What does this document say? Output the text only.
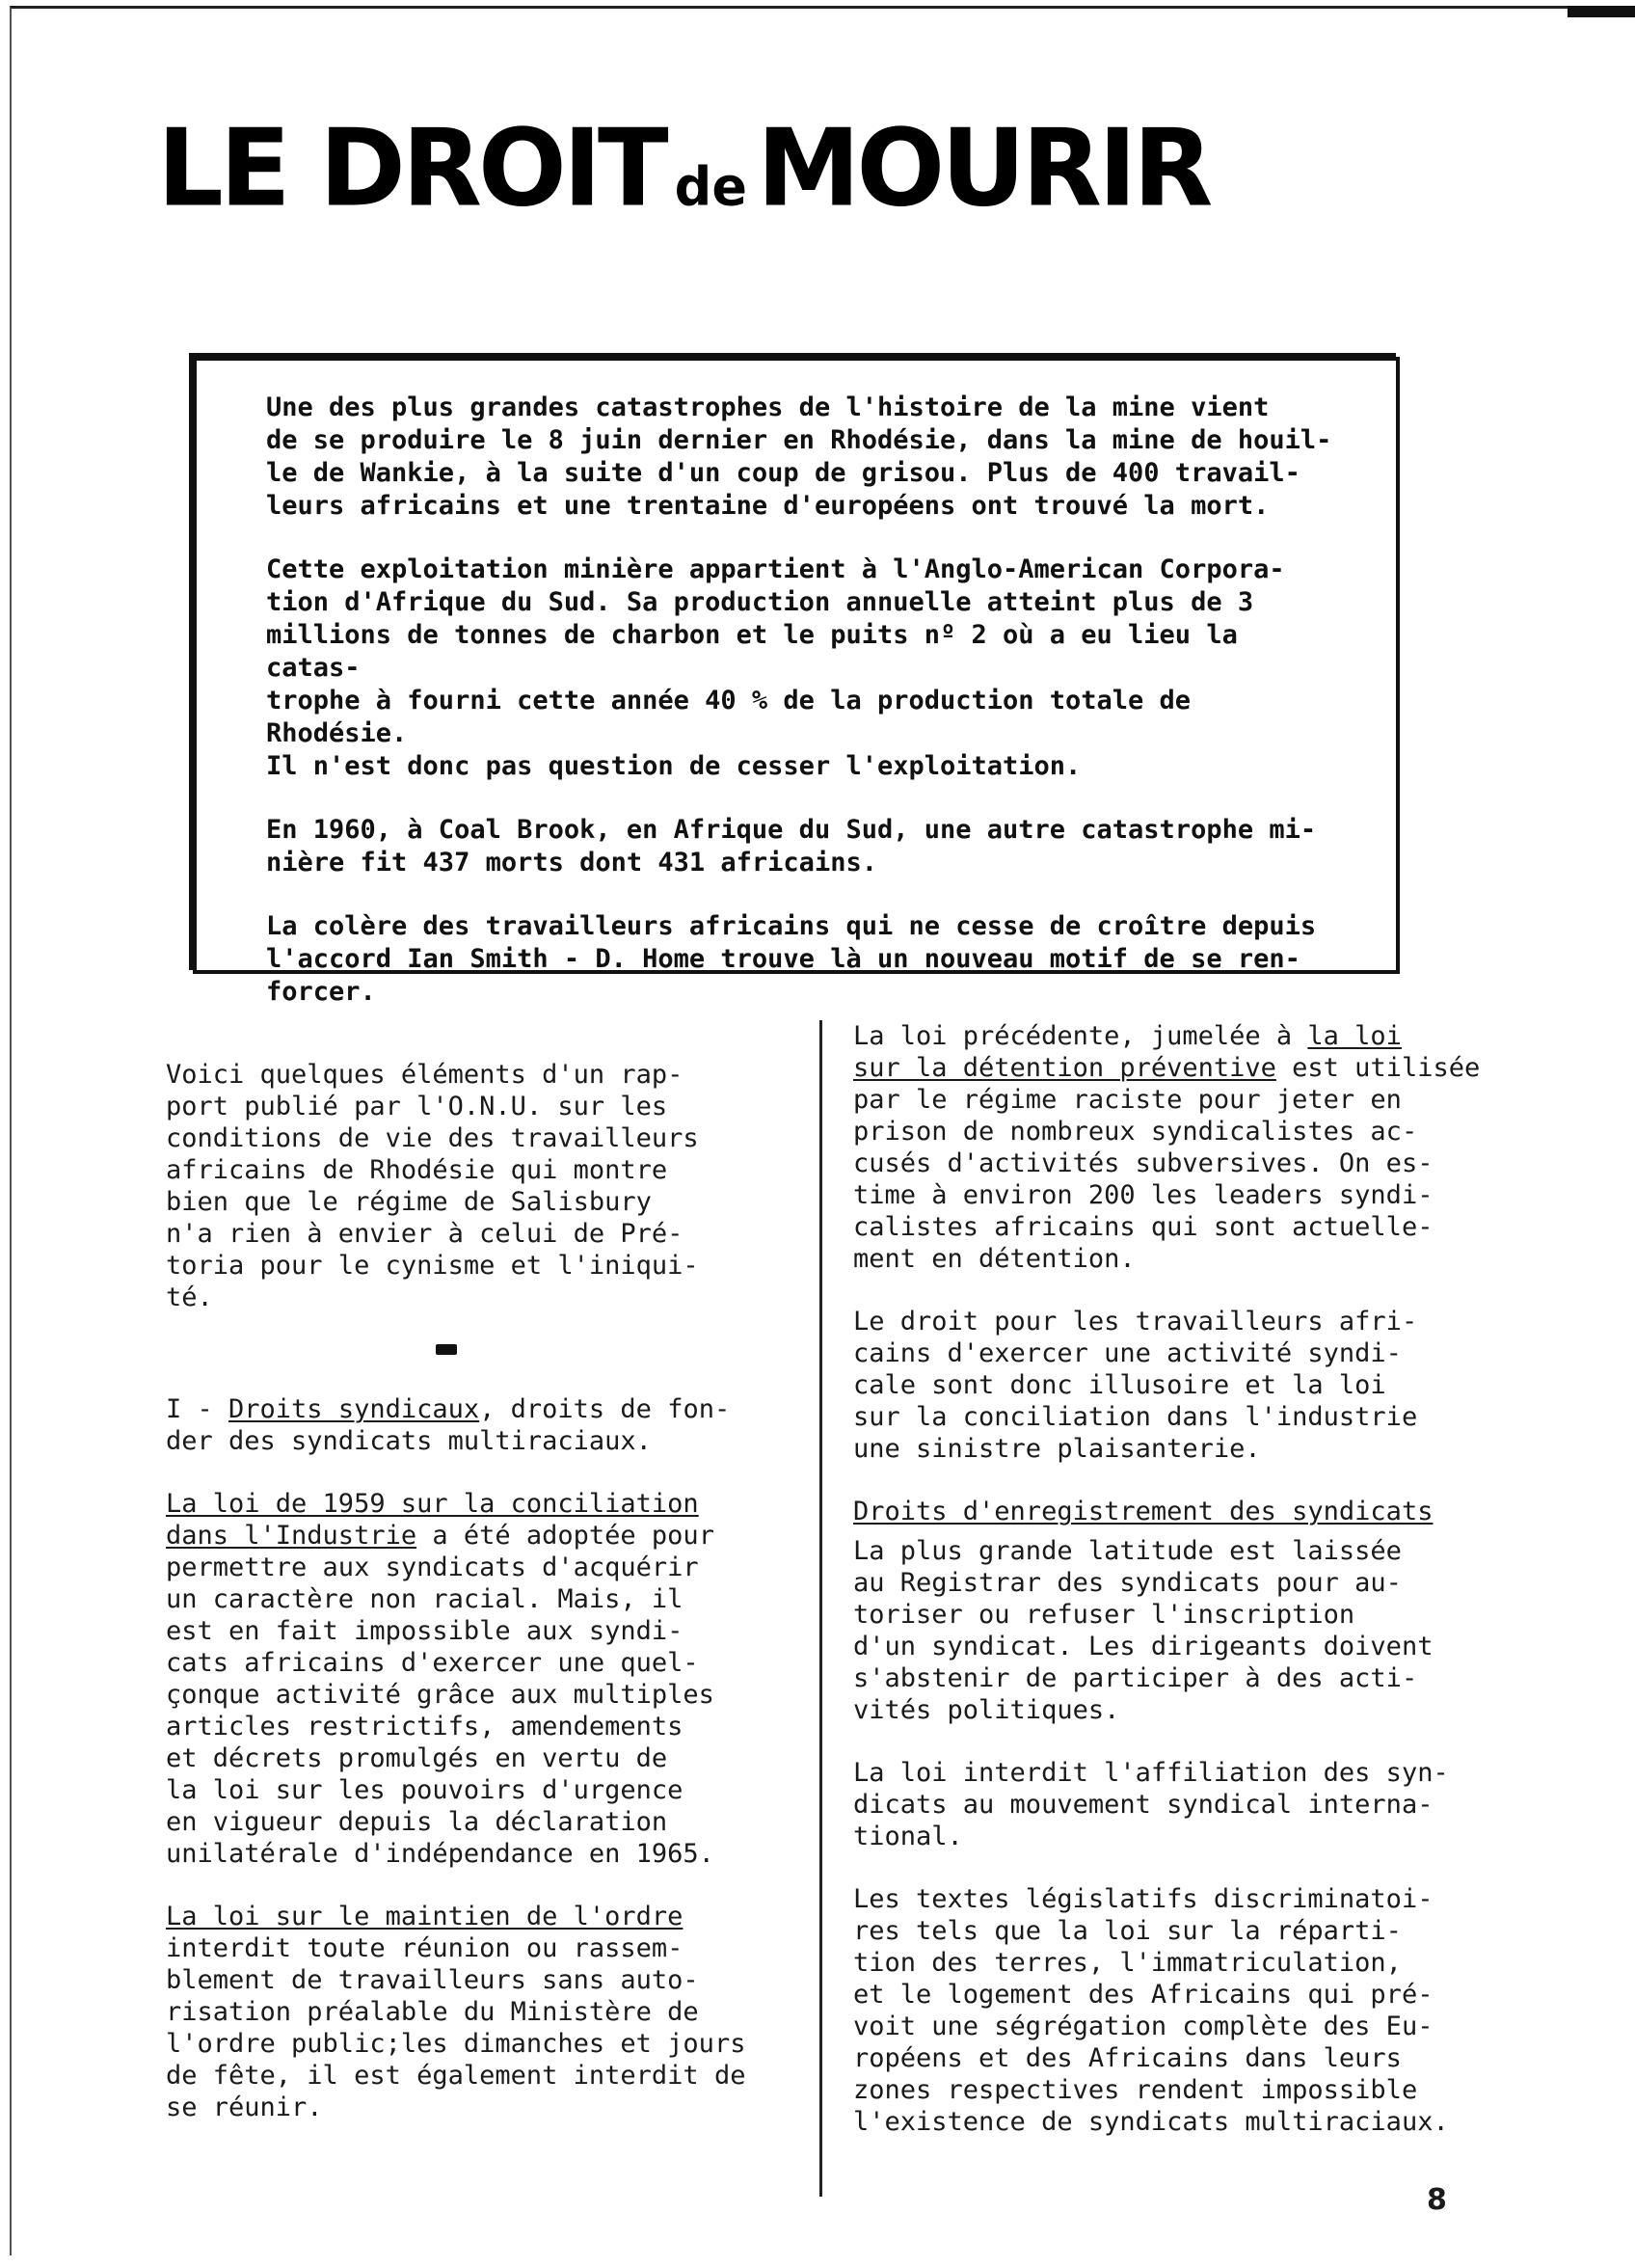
LE DROIT deMOURIR

Une des plus grandes catastrophes de l'histoire de la mine vient
de se produire le 8 juin dernier en Rhodésie, dans la mine de houil-
le de Wankie, à la suite d'un coup de grisou. Plus de 400 travail-
leurs africains et une trentaine d'européens ont trouvé la mort.

Cette exploitation minière appartient à l'Anglo-American Corpora-
tion d'Afrique du Sud. Sa production annuelle atteint plus de 3
millions de tonnes de charbon et le puits nº 2 où a eu lieu la catas-
trophe à fourni cette année 40 % de la production totale de Rhodésie.
Il n'est donc pas question de cesser l'exploitation.

En 1960, à Coal Brook, en Afrique du Sud, une autre catastrophe mi-
nière fit 437 morts dont 431 africains.

La colère des travailleurs africains qui ne cesse de croître depuis
l'accord Ian Smith - D. Home trouve là un nouveau motif de se ren-
forcer.

Voici quelques éléments d'un rap-
port publié par l'O.N.U. sur les
conditions de vie des travailleurs
africains de Rhodésie qui montre
bien que le régime de Salisbury
n'a rien à envier à celui de Pré-
toria pour le cynisme et l'iniqui-
té.

I - Droits syndicaux, droits de fon-
der des syndicats multiraciaux.

La loi de 1959 sur la conciliation
dans l'Industrie a été adoptée pour
permettre aux syndicats d'acquérir
un caractère non racial. Mais, il
est en fait impossible aux syndi-
cats africains d'exercer une quel-
çonque activité grâce aux multiples
articles restrictifs, amendements
et décrets promulgés en vertu de
la loi sur les pouvoirs d'urgence
en vigueur depuis la déclaration
unilatérale d'indépendance en 1965.

La loi sur le maintien de l'ordre
interdit toute réunion ou rassem-
blement de travailleurs sans auto-
risation préalable du Ministère de
l'ordre public;les dimanches et jours
de fête, il est également interdit de
se réunir.

La loi précédente, jumelée à la loi
sur la détention préventive est utilisée
par le régime raciste pour jeter en
prison de nombreux syndicalistes ac-
cusés d'activités subversives. On es-
time à environ 200 les leaders syndi-
calistes africains qui sont actuelle-
ment en détention.

Le droit pour les travailleurs afri-
cains d'exercer une activité syndi-
cale sont donc illusoire et la loi
sur la conciliation dans l'industrie
une sinistre plaisanterie.

Droits d'enregistrement des syndicats

La plus grande latitude est laissée
au Registrar des syndicats pour au-
toriser ou refuser l'inscription
d'un syndicat. Les dirigeants doivent
s'abstenir de participer à des acti-
vités politiques.

La loi interdit l'affiliation des syn-
dicats au mouvement syndical interna-
tional.

Les textes législatifs discriminatoi-
res tels que la loi sur la réparti-
tion des terres, l'immatriculation,
et le logement des Africains qui pré-
voit une ségrégation complète des Eu-
ropéens et des Africains dans leurs
zones respectives rendent impossible
l'existence de syndicats multiraciaux.

8
